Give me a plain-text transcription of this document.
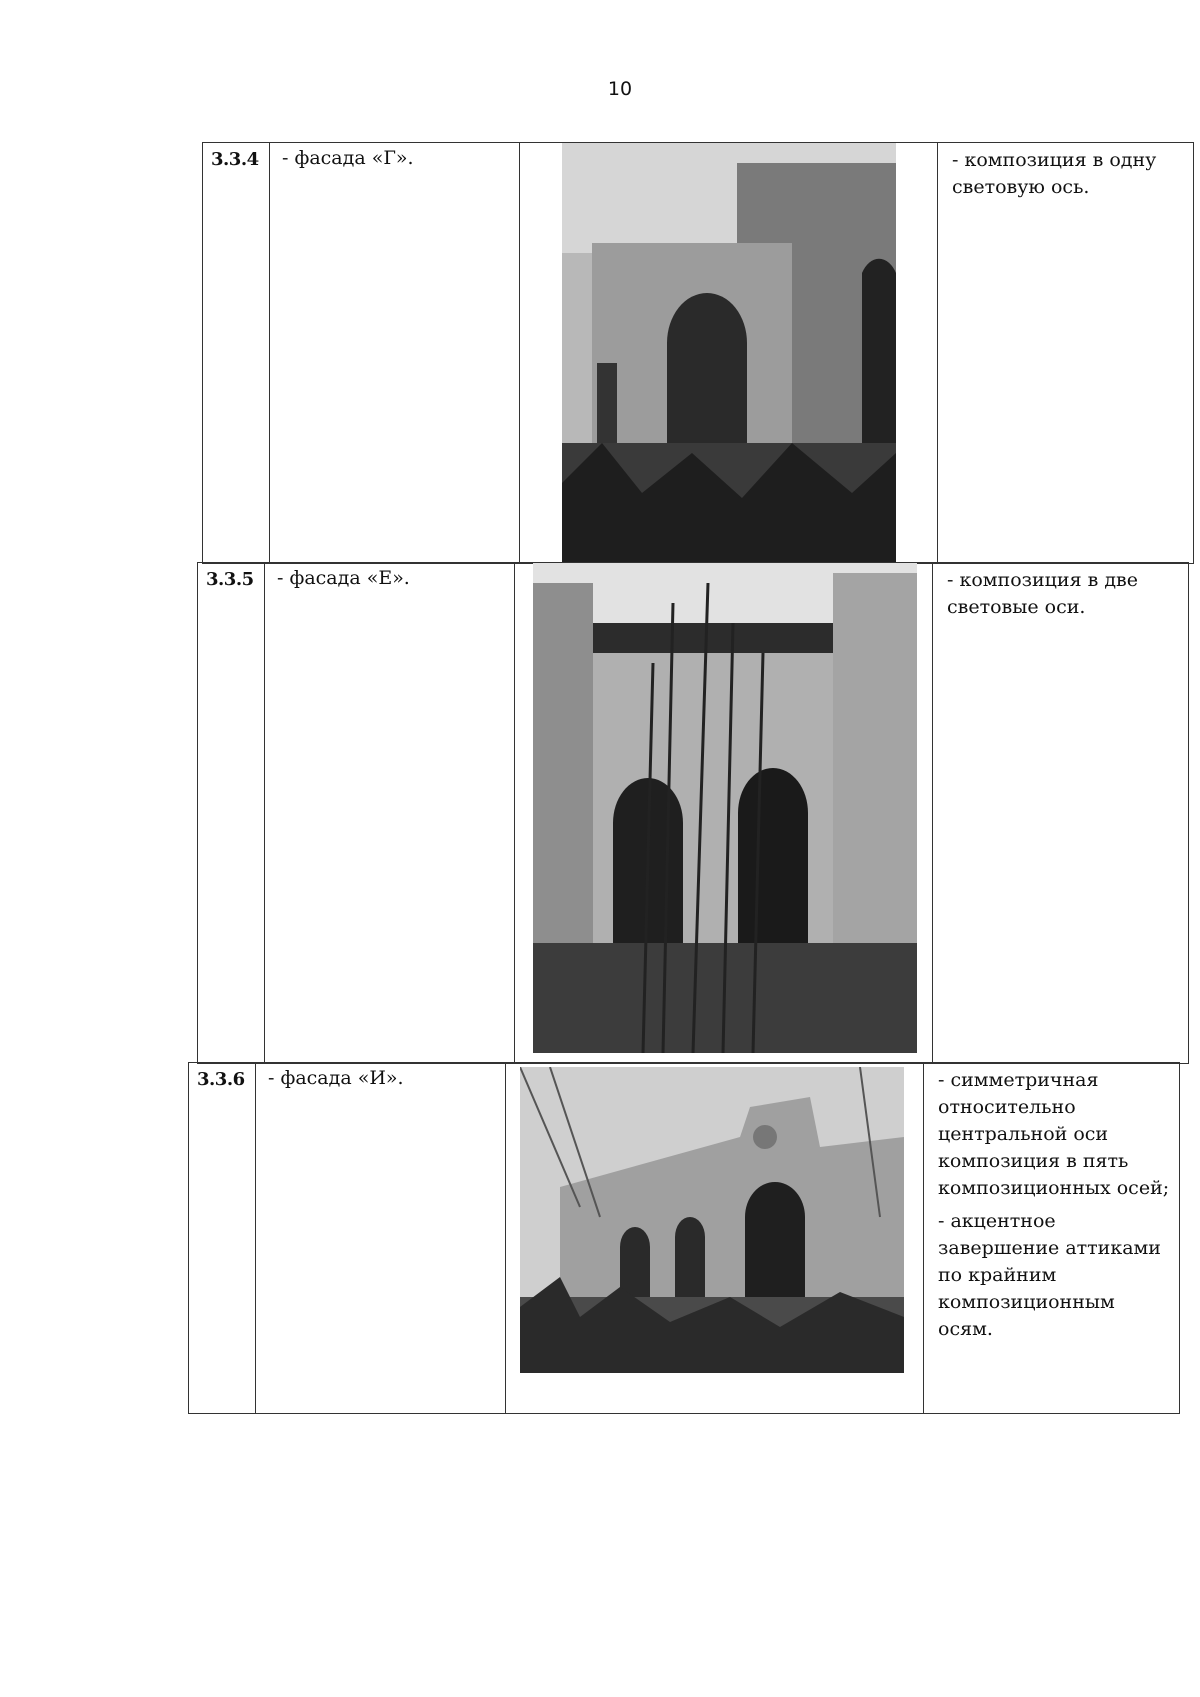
10
3.3.4	- фасада «Г».	- композиция в одну световую ось.

3.3.5	- фасада «Е».	- композиция в две световые оси.

3.3.6	- фасада «И».	- симметричная относительно центральной оси композиция в пять композиционных осей;

- акцентное завершение аттиками по крайним композиционным осям.
